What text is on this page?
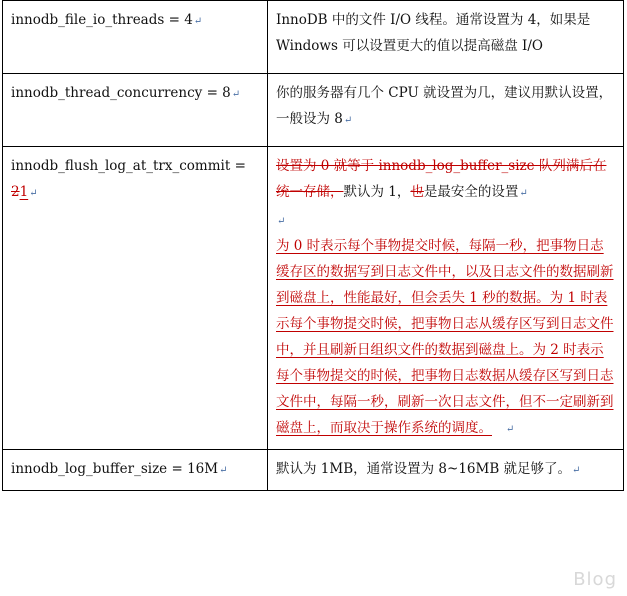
innodb_file_io_threads = 4↵	InnoDB 中的文件 I/O 线程。通常设置为 4，如果是 Windows 可以设置更大的值以提高磁盘 I/O
innodb_thread_concurrency = 8↵	你的服务器有几个 CPU 就设置为几，建议用默认设置，一般设为 8↵
innodb_flush_log_at_trx_commit = 21↵	设置为 0 就等于 innodb_log_buffer_size 队列满后在统一存储，默认为 1，也是最安全的设置↵
↵
为 0 时表示每个事物提交时候，每隔一秒，把事物日志缓存区的数据写到日志文件中，以及日志文件的数据刷新到磁盘上，性能最好，但会丢失 1 秒的数据。为 1 时表示每个事物提交时候，把事物日志从缓存区写到日志文件中，并且刷新日组织文件的数据到磁盘上。为 2 时表示每个事物提交的时候，把事物日志数据从缓存区写到日志文件中，每隔一秒，刷新一次日志文件，但不一定刷新到磁盘上，而取决于操作系统的调度。 ↵

innodb_log_buffer_size = 16M↵	默认为 1MB，通常设置为 8~16MB 就足够了。↵
Blog
